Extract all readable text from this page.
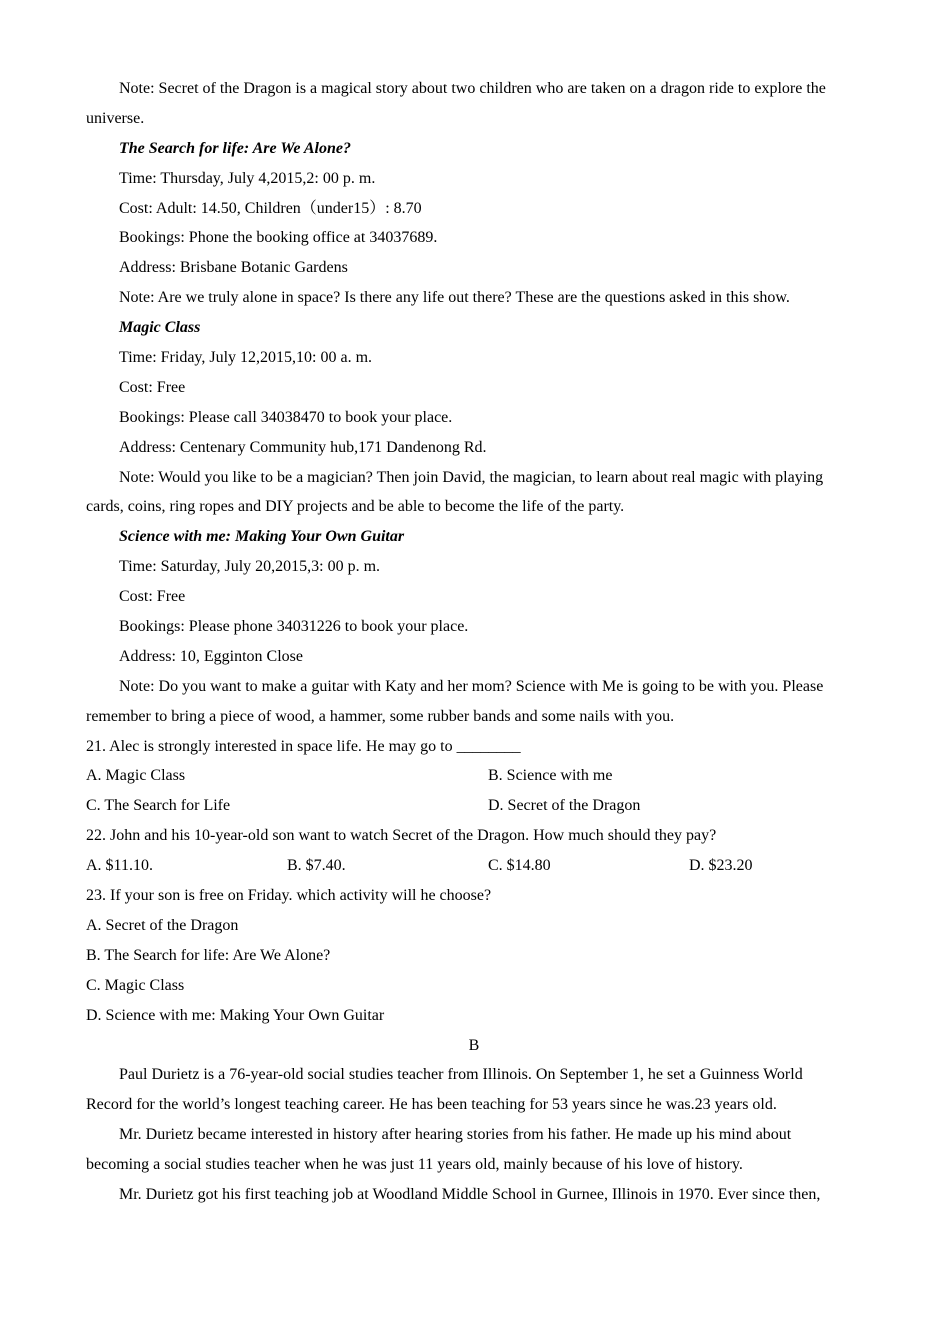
Note: Secret of the Dragon is a magical story about two children who are taken on a dragon ride to explore the
universe.
The Search for life: Are We Alone?
Time: Thursday, July 4,2015,2: 00 p. m.
Cost: Adult: 14.50, Children（under15）: 8.70
Bookings: Phone the booking office at 34037689.
Address: Brisbane Botanic Gardens
Note: Are we truly alone in space? Is there any life out there? These are the questions asked in this show.
Magic Class
Time: Friday, July 12,2015,10: 00 a. m.
Cost: Free
Bookings: Please call 34038470 to book your place.
Address: Centenary Community hub,171 Dandenong Rd.
Note: Would you like to be a magician? Then join David, the magician, to learn about real magic with playing
cards, coins, ring ropes and DIY projects and be able to become the life of the party.
Science with me: Making Your Own Guitar
Time: Saturday, July 20,2015,3: 00 p. m.
Cost: Free
Bookings: Please phone 34031226 to book your place.
Address: 10, Egginton Close
Note: Do you want to make a guitar with Katy and her mom? Science with Me is going to be with you. Please
remember to bring a piece of wood, a hammer, some rubber bands and some nails with you.
21. Alec is strongly interested in space life. He may go to ________
A. Magic Class	B. Science with me
C. The Search for Life	D. Secret of the Dragon
22. John and his 10-year-old son want to watch Secret of the Dragon. How much should they pay?
A. $11.10.	B. $7.40.	C. $14.80	D. $23.20
23. If your son is free on Friday. which activity will he choose?
A. Secret of the Dragon
B. The Search for life: Are We Alone?
C. Magic Class
D. Science with me: Making Your Own Guitar
B
Paul Durietz is a 76-year-old social studies teacher from Illinois. On September 1, he set a Guinness World
Record for the world’s longest teaching career. He has been teaching for 53 years since he was.23 years old.
Mr. Durietz became interested in history after hearing stories from his father. He made up his mind about
becoming a social studies teacher when he was just 11 years old, mainly because of his love of history.
Mr. Durietz got his first teaching job at Woodland Middle School in Gurnee, Illinois in 1970. Ever since then,
